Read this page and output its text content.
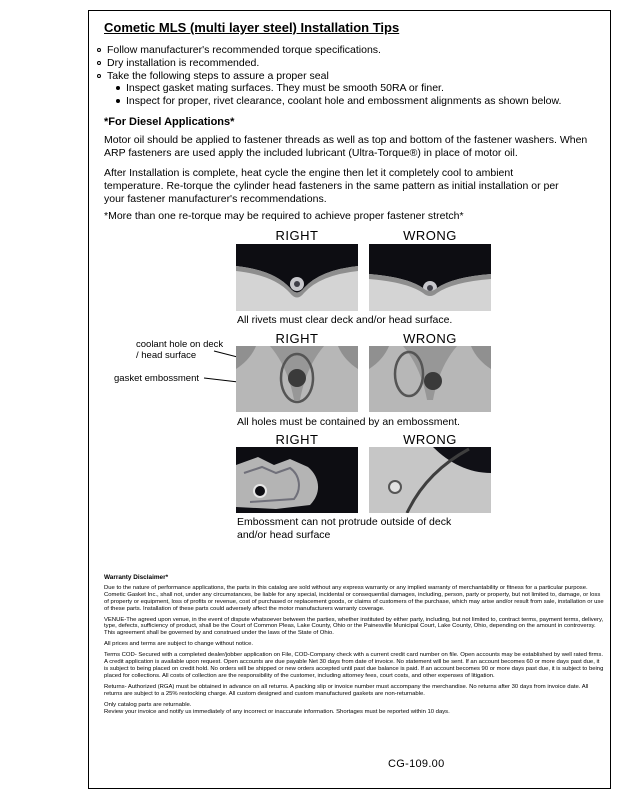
Cometic MLS (multi layer steel) Installation Tips
Follow manufacturer's recommended torque specifications.
Dry installation is recommended.
Take the following steps to assure a proper seal
Inspect gasket mating surfaces. They must be smooth 50RA or finer.
Inspect for proper, rivet clearance, coolant hole and embossment alignments as shown below.
*For Diesel Applications*
Motor oil should be applied to fastener threads as well as top and bottom of the fastener washers. When ARP fasteners are used apply the included lubricant (Ultra-Torque®) in place of motor oil.
After Installation is complete, heat cycle the engine then let it completely cool to ambient temperature. Re-torque the cylinder head fasteners in the same pattern as initial installation or per your fastener manufacturer's recommendations.
*More than one re-torque may be required to achieve proper fastener stretch*
RIGHT	WRONG
All rivets must clear deck and/or head surface.
RIGHT	WRONG
coolant hole on deck / head surface
gasket embossment
All holes must be contained by an embossment.
RIGHT	WRONG
Embossment can not protrude outside of deck and/or head surface
Warranty Disclaimer*

Due to the nature of performance applications, the parts in this catalog are sold without any express warranty or any implied warranty of merchantability or fitness for a particular purpose. Cometic Gasket Inc., shall not, under any circumstances, be liable for any special, incidental or consequential damages, including, person, party or property, but not limited to, damage, or loss of property or equipment, loss of profits or revenue, cost of purchased or replacement goods, or claims of customers of the purchase, which may arise and/or result from sale, installation or use of these parts. Installation of these parts could adversely affect the motor manufacturers warranty coverage.

VENUE-The agreed upon venue, in the event of dispute whatsoever between the parties, whether instituted by either party, including, but not limited to, contract terms, payment terms, delivery, type, defects, sufficiency of product, shall be the Court of Common Pleas, Lake County, Ohio or the Painesville Municipal Court, Lake County, Ohio, depending on the amount in controversy. This agreement shall be governed by and construed under the laws of the State of Ohio.

All prices and terms are subject to change without notice.

Terms COD- Secured with a completed dealer/jobber application on File, COD-Company check with a current credit card number on file. Open accounts may be established by well rated firms. A credit application is available upon request. Open accounts are due payable Net 30 days from date of invoice. No statement will be sent. If an account becomes 60 or more days past due, it is subject to being placed on credit hold. No orders will be shipped or new orders accepted until past due balance is paid. If an account becomes 90 or more days past due, it is subject to being placed for collections. All costs of collection are the responsibility of the customer, including attorney fees, court costs, and other expenses of litigation.

Returns- Authorized (RGA) must be obtained in advance on all returns. A packing slip or invoice number must accompany the merchandise. No returns after 30 days from invoice date. All returns are subject to a 25% restocking charge. All custom designed and custom manufactured gaskets are non-returnable.

Only catalog parts are returnable.

Review your invoice and notify us immediately of any incorrect or inaccurate information. Shortages must be reported within 10 days.

CG-109.00
